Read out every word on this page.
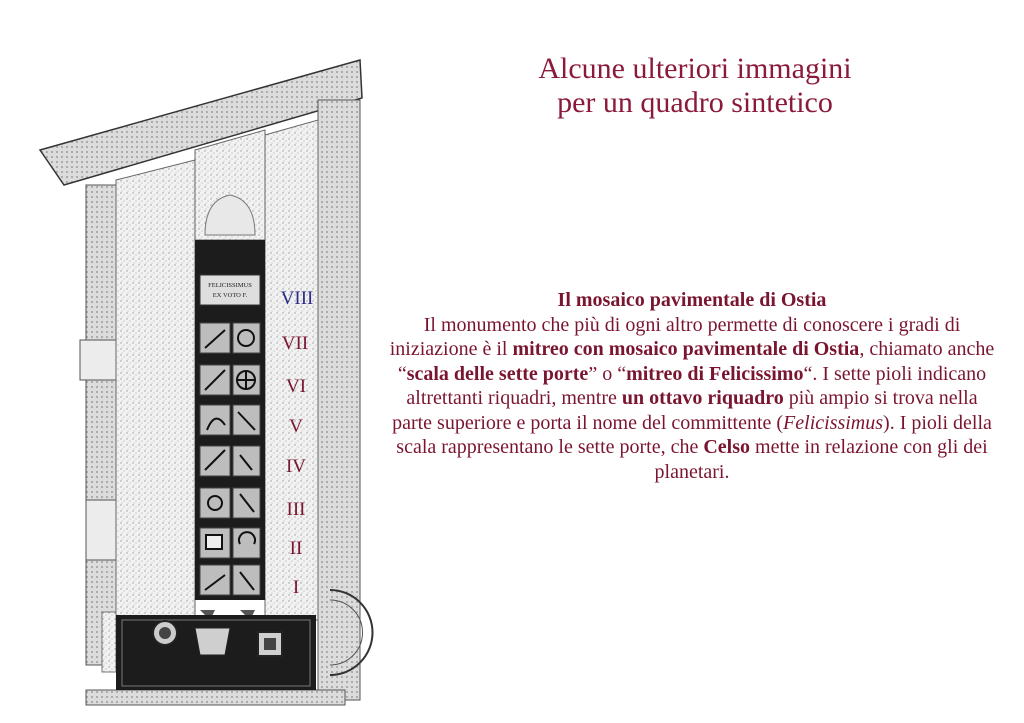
FELICISSIMUS
EX VOTO F.	VIII
VII
VI
V
IV
III
II
I
Alcune ulteriori immagini
per un quadro sintetico
Il mosaico pavimentale di Ostia
Il monumento che più di ogni altro permette di conoscere i gradi di iniziazione è il mitreo con mosaico pavimentale di Ostia, chiamato anche “scala delle sette porte” o “mitreo di Felicissimo“. I sette pioli indicano altrettanti riquadri, mentre un ottavo riquadro più ampio si trova nella parte superiore e porta il nome del committente (Felicissimus). I pioli della scala rappresentano le sette porte, che Celso mette in relazione con gli dei planetari.
